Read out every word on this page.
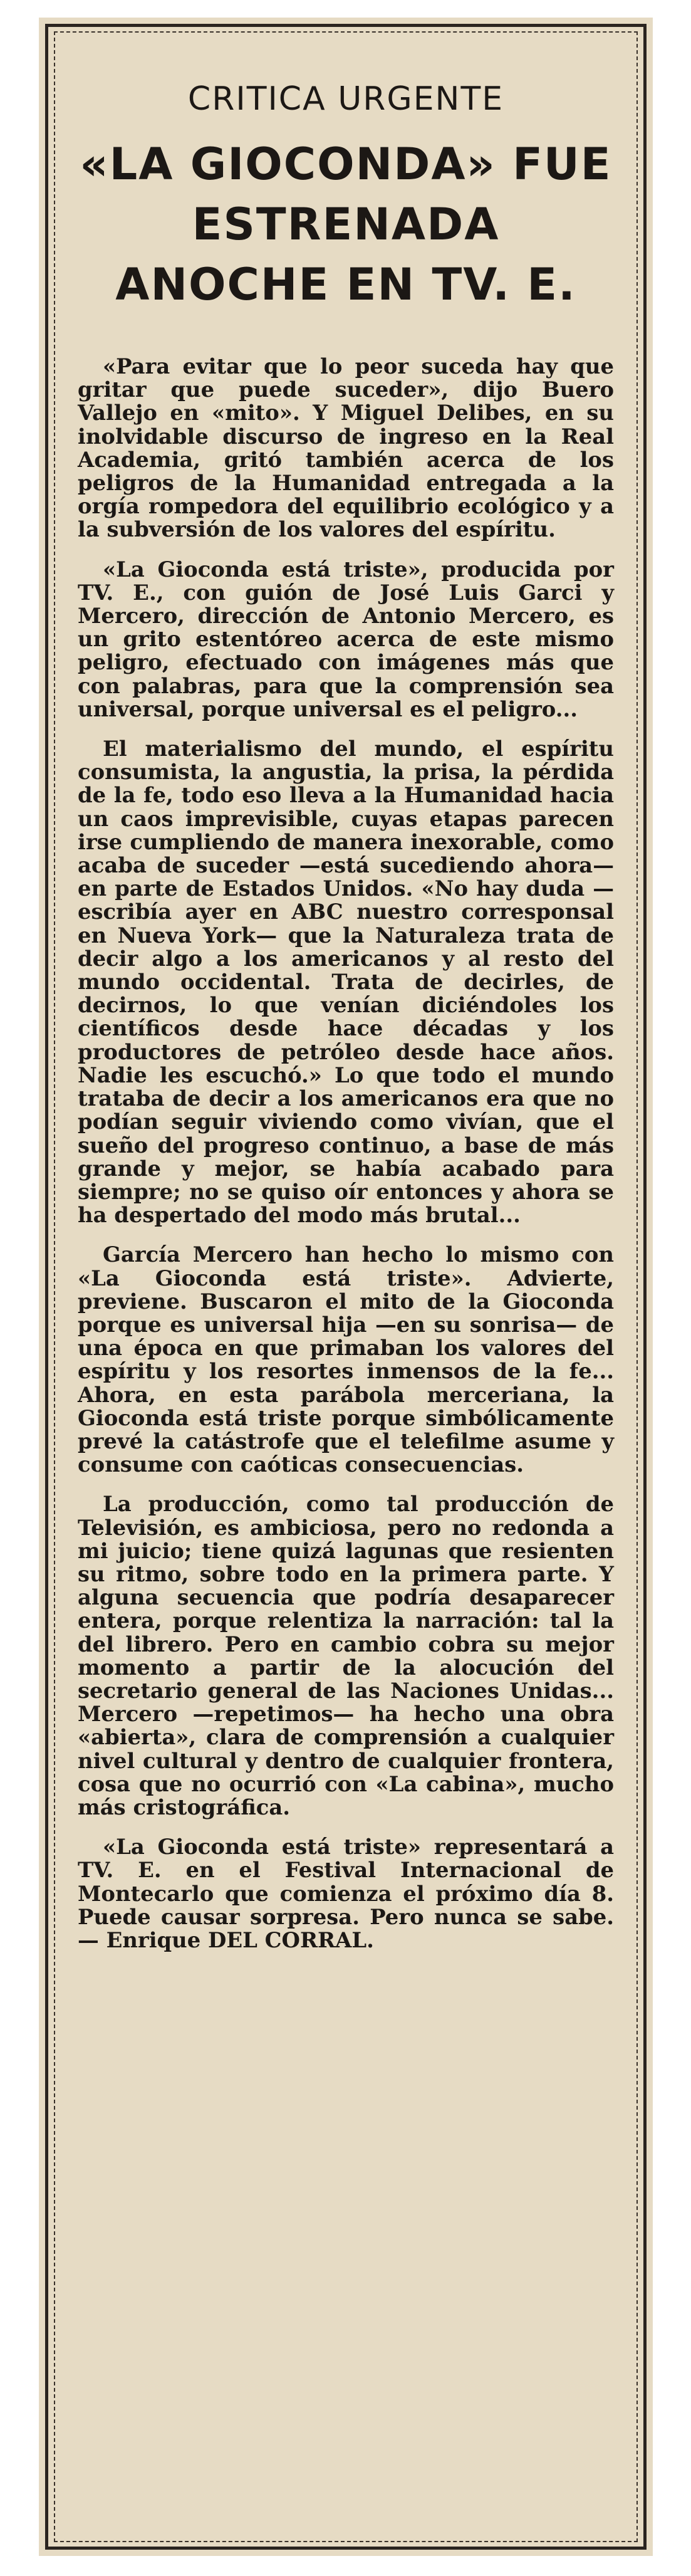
CRITICA URGENTE
«LA GIOCONDA» FUE ESTRENADA ANOCHE EN TV. E.

«Para evitar que lo peor suceda hay que gritar que puede suceder», dijo Buero Vallejo en «mito». Y Miguel Delibes, en su inolvidable discurso de ingreso en la Real Academia, gritó también acerca de los peligros de la Humanidad entregada a la orgía rompedora del equilibrio ecológico y a la subversión de los valores del espíritu.

«La Gioconda está triste», producida por TV. E., con guión de José Luis Garci y Mercero, dirección de Antonio Mercero, es un grito estentóreo acerca de este mismo peligro, efectuado con imágenes más que con palabras, para que la comprensión sea universal, porque universal es el peligro...

El materialismo del mundo, el espíritu consumista, la angustia, la prisa, la pérdida de la fe, todo eso lleva a la Humanidad hacia un caos imprevisible, cuyas etapas parecen irse cumpliendo de manera inexorable, como acaba de suceder —está sucediendo ahora— en parte de Estados Unidos. «No hay duda —escribía ayer en ABC nuestro corresponsal en Nueva York— que la Naturaleza trata de decir algo a los americanos y al resto del mundo occidental. Trata de decirles, de decirnos, lo que venían diciéndoles los científicos desde hace décadas y los productores de petróleo desde hace años. Nadie les escuchó.» Lo que todo el mundo trataba de decir a los americanos era que no podían seguir viviendo como vivían, que el sueño del progreso continuo, a base de más grande y mejor, se había acabado para siempre; no se quiso oír entonces y ahora se ha despertado del modo más brutal...

García Mercero han hecho lo mismo con «La Gioconda está triste». Advierte, previene. Buscaron el mito de la Gioconda porque es universal hija —en su sonrisa— de una época en que primaban los valores del espíritu y los resortes inmensos de la fe... Ahora, en esta parábola merceriana, la Gioconda está triste porque simbólicamente prevé la catástrofe que el telefilme asume y consume con caóticas consecuencias.

La producción, como tal producción de Televisión, es ambiciosa, pero no redonda a mi juicio; tiene quizá lagunas que resienten su ritmo, sobre todo en la primera parte. Y alguna secuencia que podría desaparecer entera, porque relentiza la narración: tal la del librero. Pero en cambio cobra su mejor momento a partir de la alocución del secretario general de las Naciones Unidas... Mercero —repetimos— ha hecho una obra «abierta», clara de comprensión a cualquier nivel cultural y dentro de cualquier frontera, cosa que no ocurrió con «La cabina», mucho más cristográfica.

«La Gioconda está triste» representará a TV. E. en el Festival Internacional de Montecarlo que comienza el próximo día 8. Puede causar sorpresa. Pero nunca se sabe.— Enrique DEL CORRAL.
